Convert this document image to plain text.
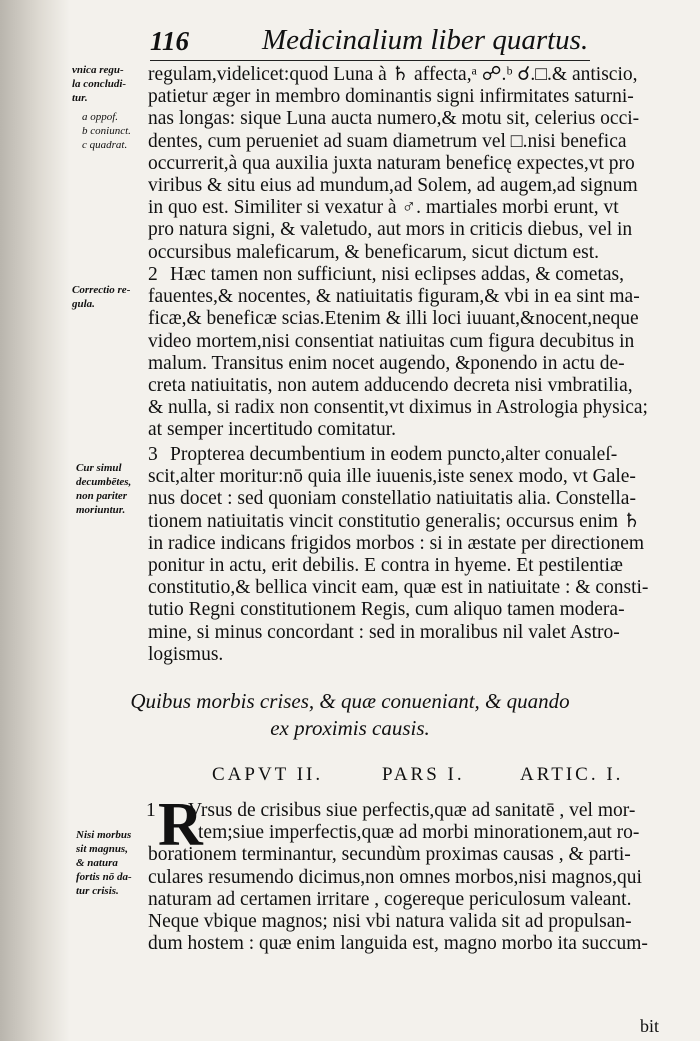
116	Medicinalium liber quartus.
vnica regu-
la concludi-
tur.
a oppof.
b coniunct.
c quadrat.
Correctio re-
gula.
Cur simul
decumbētes,
non pariter
moriuntur.
Nisi morbus
sit magnus,
& natura
fortis nō da-
tur crisis.
regulam,videlicet:quod Luna à ♄ affecta,ᵃ ☍.ᵇ ☌.□.& antiscio,
patietur æger in membro dominantis signi infirmitates saturni-
nas longas: sique Luna aucta numero,& motu sit, celerius occi-
dentes, cum perueniet ad suam diametrum vel □.nisi benefica
occurrerit,à qua auxilia juxta naturam beneficę expectes,vt pro
viribus & situ eius ad mundum,ad Solem, ad augem,ad signum
in quo est. Similiter si vexatur à ♂. martiales morbi erunt, vt
pro natura signi, & valetudo, aut mors in criticis diebus, vel in
occursibus maleficarum, & beneficarum, sicut dictum est.
2 Hæc tamen non sufficiunt, nisi eclipses addas, & cometas,
fauentes,& nocentes, & natiuitatis figuram,& vbi in ea sint ma-
ficæ,& beneficæ scias.Etenim & illi loci iuuant,&nocent,neque
video mortem,nisi consentiat natiuitas cum figura decubitus in
malum. Transitus enim nocet augendo, &ponendo in actu de-
creta natiuitatis, non autem adducendo decreta nisi vmbratilia,
& nulla, si radix non consentit,vt diximus in Astrologia physica;
at semper incertitudo comitatur.
3 Propterea decumbentium in eodem puncto,alter conualeſ-
scit,alter moritur:nō quia ille iuuenis,iste senex modo, vt Gale-
nus docet : sed quoniam constellatio natiuitatis alia. Constella-
tionem natiuitatis vincit constitutio generalis; occursus enim ♄
in radice indicans frigidos morbos : si in æstate per directionem
ponitur in actu, erit debilis. E contra in hyeme. Et pestilentiæ
constitutio,& bellica vincit eam, quæ est in natiuitate : & consti-
tutio Regni constitutionem Regis, cum aliquo tamen modera-
mine, si minus concordant : sed in moralibus nil valet Astro-
logismus.
Quibus morbis crises, & quæ conueniant, & quando
ex proximis causis.
CAPVT II.	PARS I.	ARTIC. I.
1 R
Vrsus de crisibus siue perfectis,quæ ad sanitatē , vel mor-
tem;siue imperfectis,quæ ad morbi minorationem,aut ro-
borationem terminantur, secundùm proximas causas , & parti-
culares resumendo dicimus,non omnes morbos,nisi magnos,qui
naturam ad certamen irritare , cogereque periculosum valeant.
Neque vbique magnos; nisi vbi natura valida sit ad propulsan-
dum hostem : quæ enim languida est, magno morbo ita succum-
bit
